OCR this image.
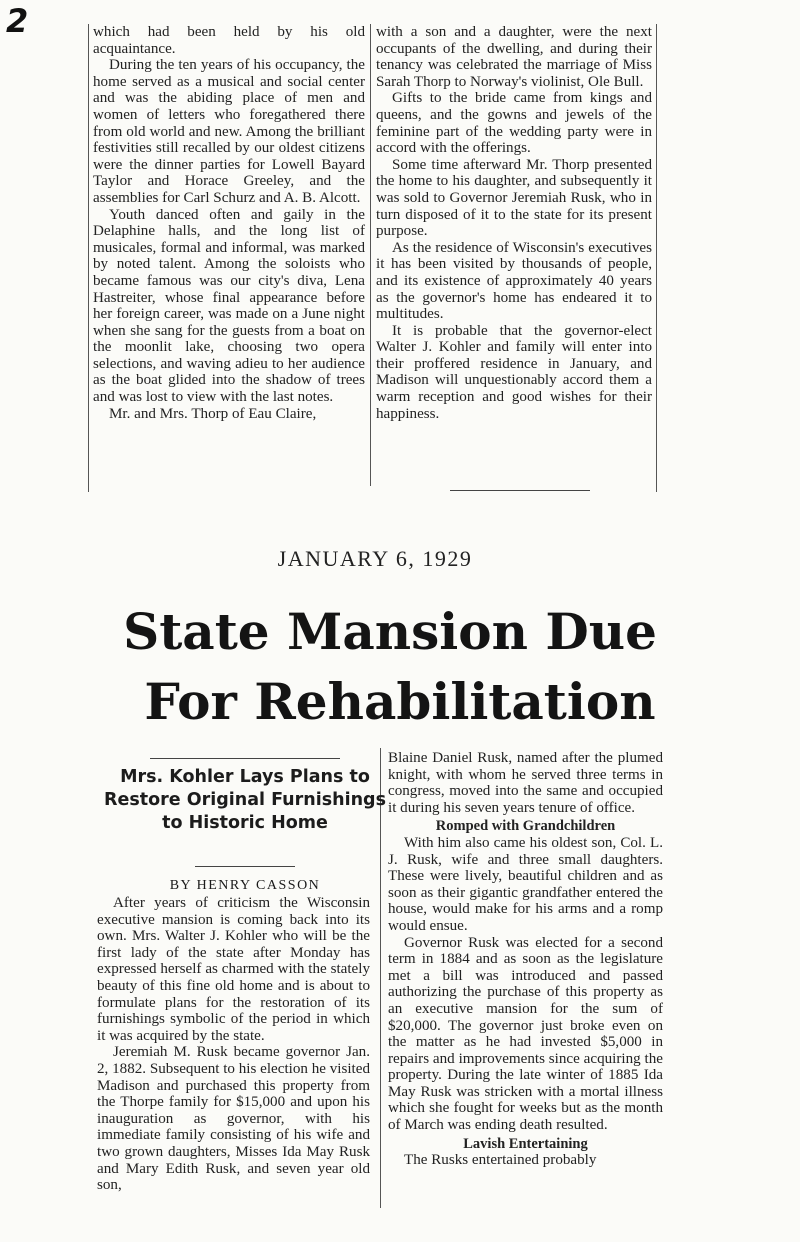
2	which had been held by his old acquaintance.

During the ten years of his occupancy, the home served as a musical and social center and was the abiding place of men and women of letters who foregathered there from old world and new. Among the brilliant festivities still recalled by our oldest citizens were the dinner parties for Lowell Bayard Taylor and Horace Greeley, and the assemblies for Carl Schurz and A. B. Alcott.

Youth danced often and gaily in the Delaphine halls, and the long list of musicales, formal and informal, was marked by noted talent. Among the soloists who became famous was our city's diva, Lena Hastreiter, whose final appearance before her foreign career, was made on a June night when she sang for the guests from a boat on the moonlit lake, choosing two opera selections, and waving adieu to her audience as the boat glided into the shadow of trees and was lost to view with the last notes.

Mr. and Mrs. Thorp of Eau Claire,

with a son and a daughter, were the next occupants of the dwelling, and during their tenancy was celebrated the marriage of Miss Sarah Thorp to Norway's violinist, Ole Bull.

Gifts to the bride came from kings and queens, and the gowns and jewels of the feminine part of the wedding party were in accord with the offerings.

Some time afterward Mr. Thorp presented the home to his daughter, and subsequently it was sold to Governor Jeremiah Rusk, who in turn disposed of it to the state for its present purpose.

As the residence of Wisconsin's executives it has been visited by thousands of people, and its existence of approximately 40 years as the governor's home has endeared it to multitudes.

It is probable that the governor-elect Walter J. Kohler and family will enter into their proffered residence in January, and Madison will unquestionably accord them a warm reception and good wishes for their happiness.

JANUARY 6, 1929
State Mansion Due
For Rehabilitation
Mrs. Kohler Lays Plans to Restore Original Furnishings to Historic Home
BY HENRY CASSON

After years of criticism the Wisconsin executive mansion is coming back into its own. Mrs. Walter J. Kohler who will be the first lady of the state after Monday has expressed herself as charmed with the stately beauty of this fine old home and is about to formulate plans for the restoration of its furnishings symbolic of the period in which it was acquired by the state.

Jeremiah M. Rusk became governor Jan. 2, 1882. Subsequent to his election he visited Madison and purchased this property from the Thorpe family for $15,000 and upon his inauguration as governor, with his immediate family consisting of his wife and two grown daughters, Misses Ida May Rusk and Mary Edith Rusk, and seven year old son,

Blaine Daniel Rusk, named after the plumed knight, with whom he served three terms in congress, moved into the same and occupied it during his seven years tenure of office.

Romped with Grandchildren

With him also came his oldest son, Col. L. J. Rusk, wife and three small daughters. These were lively, beautiful children and as soon as their gigantic grandfather entered the house, would make for his arms and a romp would ensue.

Governor Rusk was elected for a second term in 1884 and as soon as the legislature met a bill was introduced and passed authorizing the purchase of this property as an executive mansion for the sum of $20,000. The governor just broke even on the matter as he had invested $5,000 in repairs and improvements since acquiring the property. During the late winter of 1885 Ida May Rusk was stricken with a mortal illness which she fought for weeks but as the month of March was ending death resulted.

Lavish Entertaining

The Rusks entertained probably
